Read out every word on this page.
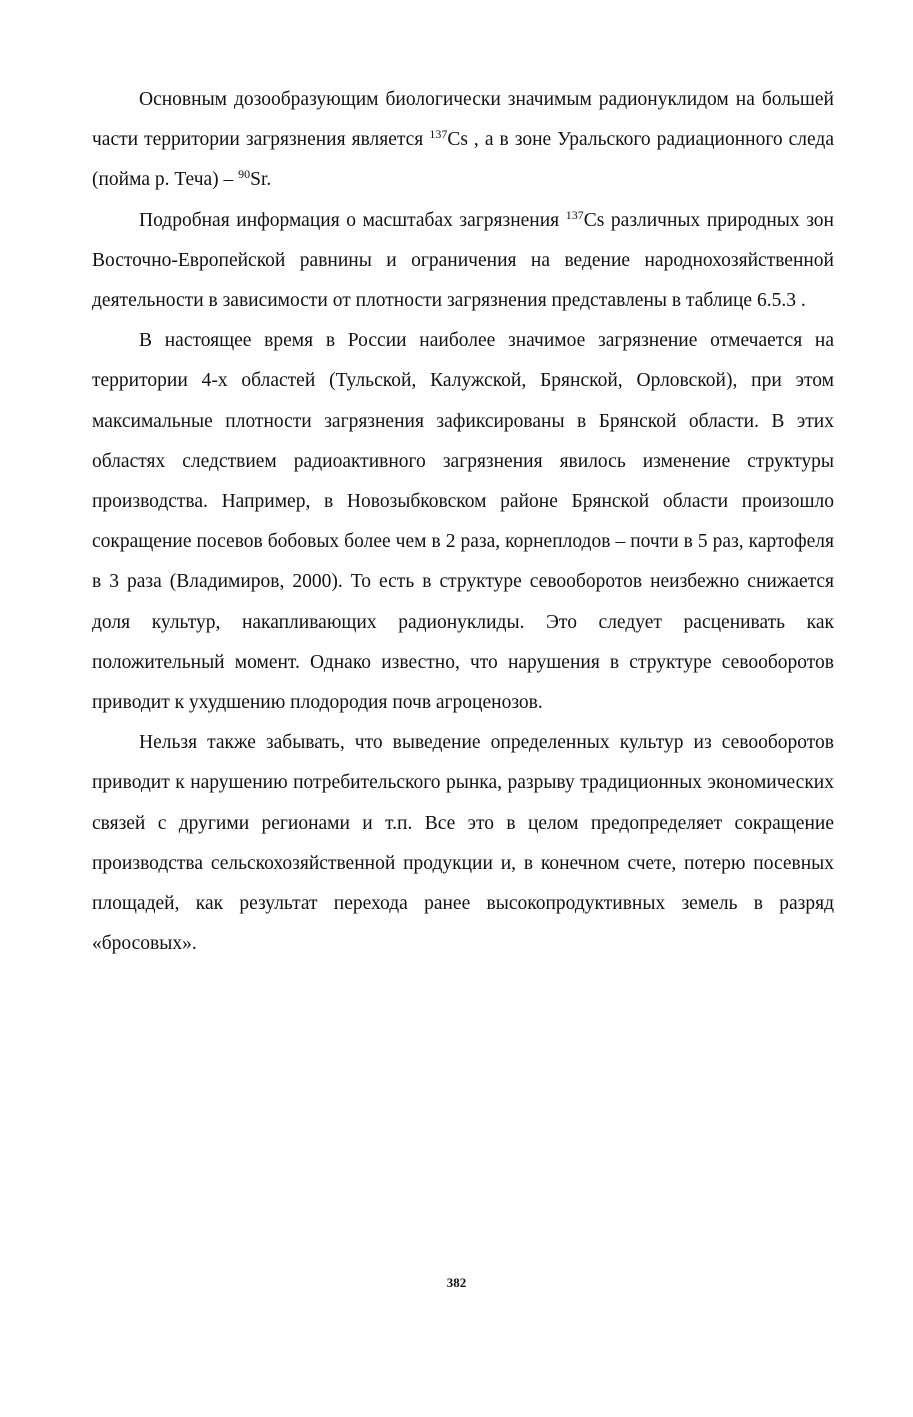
Основным дозообразующим биологически значимым радионуклидом на большей части территории загрязнения является $^{137}$Cs , а в зоне Уральского радиационного следа (пойма р. Теча) – $^{90}$Sr.

Подробная информация о масштабах загрязнения $^{137}$Cs различных природных зон Восточно-Европейской равнины и ограничения на ведение народнохозяйственной деятельности в зависимости от плотности загрязнения представлены в таблице 6.5.3 .

В настоящее время в России наиболее значимое загрязнение отмечается на территории 4-х областей (Тульской, Калужской, Брянской, Орловской), при этом максимальные плотности загрязнения зафиксированы в Брянской области. В этих областях следствием радиоактивного загрязнения явилось изменение структуры производства. Например, в Новозыбковском районе Брянской области произошло сокращение посевов бобовых более чем в 2 раза, корнеплодов – почти в 5 раз, картофеля в 3 раза (Владимиров, 2000). То есть в структуре севооборотов неизбежно снижается доля культур, накапливающих радионуклиды. Это следует расценивать как положительный момент. Однако известно, что нарушения в структуре севооборотов приводит к ухудшению плодородия почв агроценозов.

Нельзя также забывать, что выведение определенных культур из севооборотов приводит к нарушению потребительского рынка, разрыву традиционных экономических связей с другими регионами и т.п. Все это в целом предопределяет сокращение производства сельскохозяйственной продукции и, в конечном счете, потерю посевных площадей, как результат перехода ранее высокопродуктивных земель в разряд «бросовых».

382
